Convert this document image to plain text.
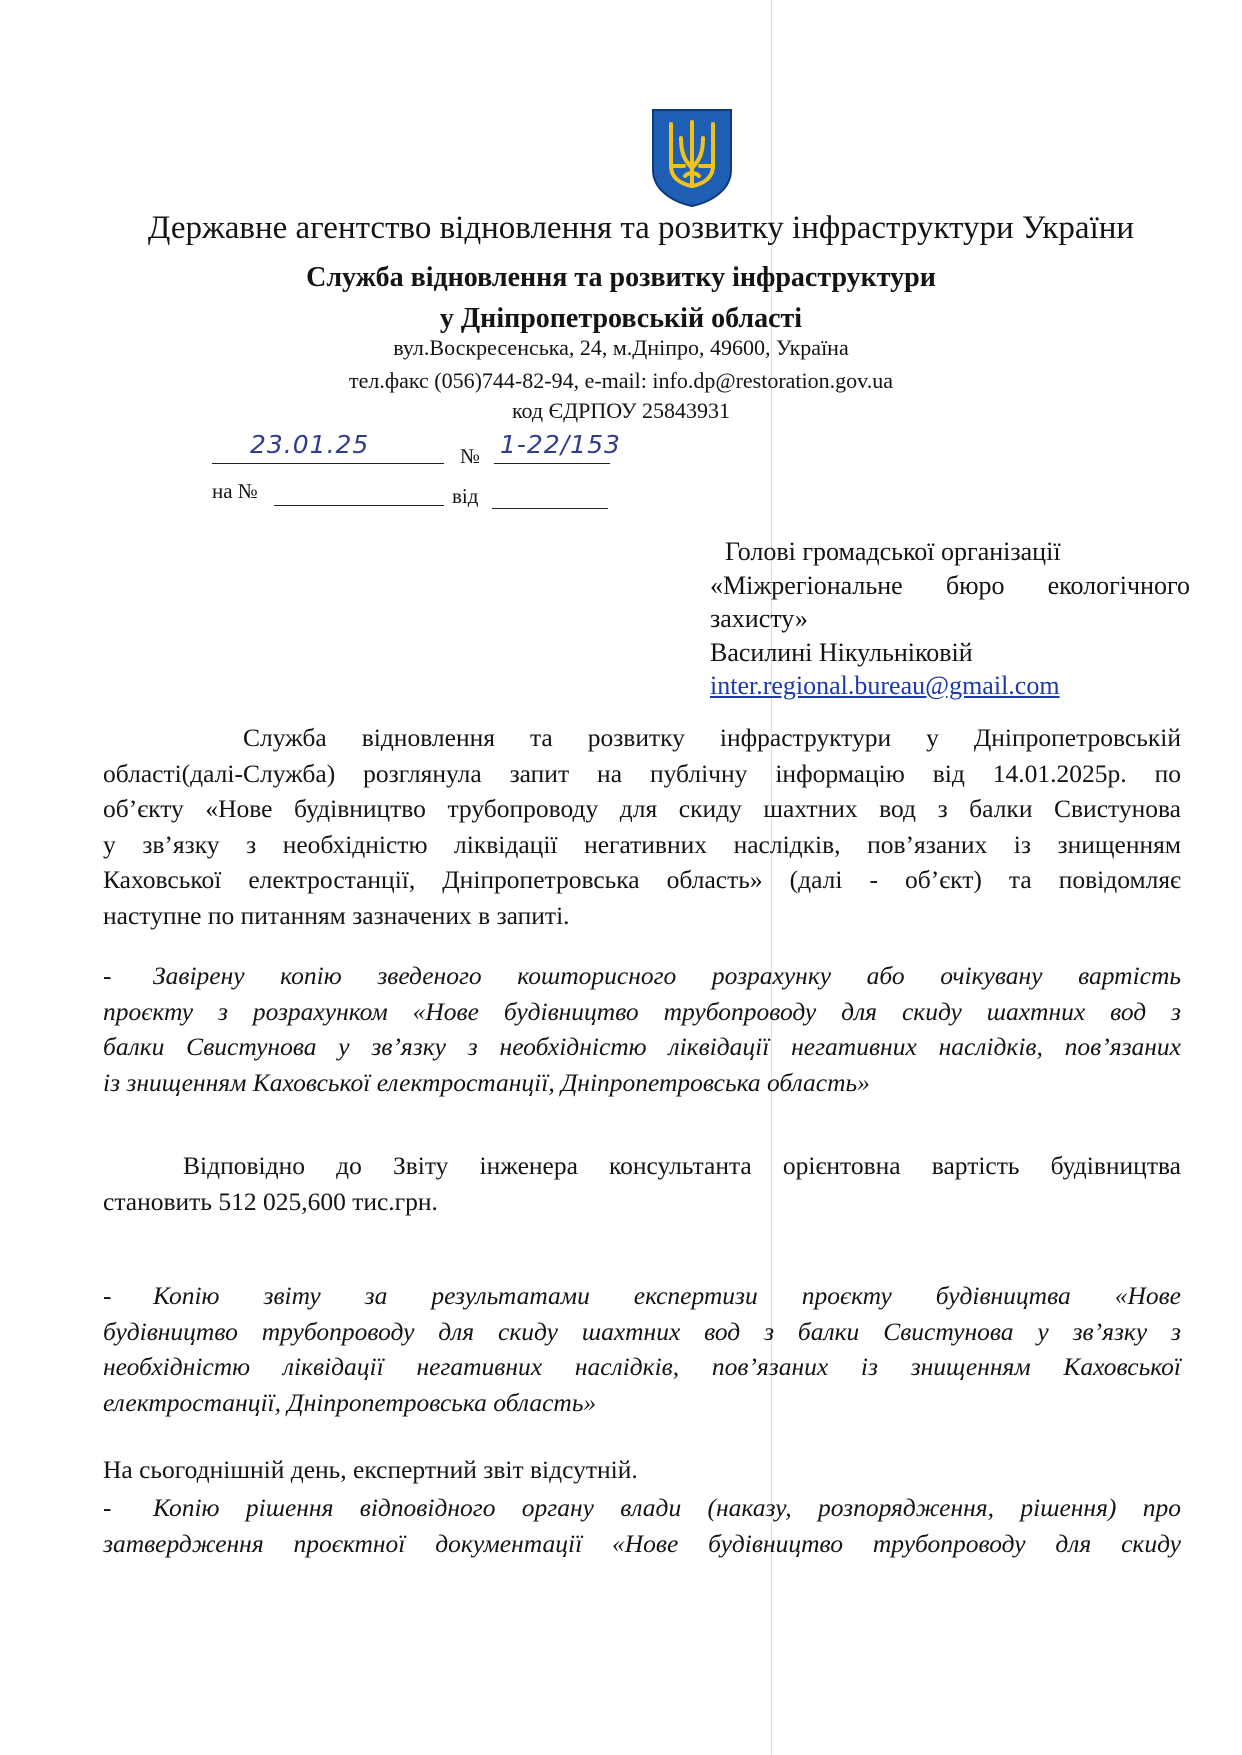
Державне агентство відновлення та розвитку інфраструктури України
Служба відновлення та розвитку інфраструктури
у Дніпропетровській області
вул.Воскресенська, 24, м.Дніпро, 49600, Україна
тел.факс (056)744-82-94, e-mail: info.dp@restoration.gov.ua
код ЄДРПОУ 25843931
23.01.25	№ 1-22/153
на №	від
Голові громадської організації
«Міжрегіональне бюро екологічного
захисту»
Василині Нікульніковій
inter.regional.bureau@gmail.com
Служба відновлення та розвитку інфраструктури у Дніпропетровській
області(далі-Служба) розглянула запит на публічну інформацію від 14.01.2025р. по
об’єкту «Нове будівництво трубопроводу для скиду шахтних вод з балки Свистунова
у зв’язку з необхідністю ліквідації негативних наслідків, пов’язаних із знищенням
Каховської електростанції, Дніпропетровська область» (далі - об’єкт) та повідомляє
наступне по питанням зазначених в запиті.
- Завірену копію зведеного кошторисного розрахунку або очікувану вартість
проєкту з розрахунком «Нове будівництво трубопроводу для скиду шахтних вод з
балки Свистунова у зв’язку з необхідністю ліквідації негативних наслідків, пов’язаних
із знищенням Каховської електростанції, Дніпропетровська область»
Відповідно до Звіту інженера консультанта орієнтовна вартість будівництва
становить 512 025,600 тис.грн.
- Копію звіту за результатами експертизи проєкту будівництва «Нове
будівництво трубопроводу для скиду шахтних вод з балки Свистунова у зв’язку з
необхідністю ліквідації негативних наслідків, пов’язаних із знищенням Каховської
електростанції, Дніпропетровська область»
На сьогоднішній день, експертний звіт відсутній.
- Копію рішення відповідного органу влади (наказу, розпорядження, рішення) про
затвердження проєктної документації «Нове будівництво трубопроводу для скиду
